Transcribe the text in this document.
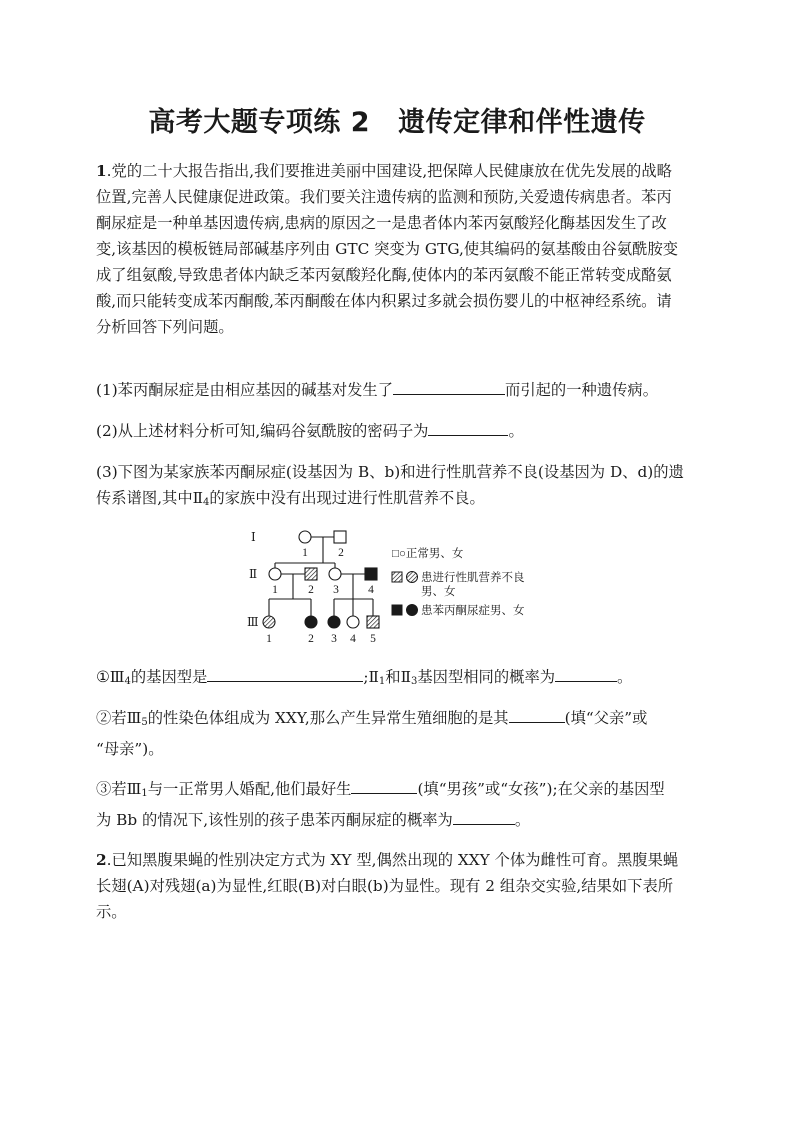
高考大题专项练 2 遗传定律和伴性遗传
1.党的二十大报告指出,我们要推进美丽中国建设,把保障人民健康放在优先发展的战略
位置,完善人民健康促进政策。我们要关注遗传病的监测和预防,关爱遗传病患者。苯丙
酮尿症是一种单基因遗传病,患病的原因之一是患者体内苯丙氨酸羟化酶基因发生了改
变,该基因的模板链局部碱基序列由 GTC 突变为 GTG,使其编码的氨基酸由谷氨酰胺变
成了组氨酸,导致患者体内缺乏苯丙氨酸羟化酶,使体内的苯丙氨酸不能正常转变成酪氨
酸,而只能转变成苯丙酮酸,苯丙酮酸在体内积累过多就会损伤婴儿的中枢神经系统。请
分析回答下列问题。
(1)苯丙酮尿症是由相应基因的碱基对发生了	而引起的一种遗传病。
(2)从上述材料分析可知,编码谷氨酰胺的密码子为	。
(3)下图为某家族苯丙酮尿症(设基因为 B、b)和进行性肌营养不良(设基因为 D、d)的遗
传系谱图,其中$Ⅱ_4$的家族中没有出现过进行性肌营养不良。
Ⅰ
Ⅱ
Ⅲ
1	2
1	2 3	4
1	2 3 4 5
□○正常男、女
患进行性肌营养不良
男、女
患苯丙酮尿症男、女
$①Ⅲ_4$的基因型是	$;Ⅱ_1$和$Ⅱ_3$基因型相同的概率为	。
②若$Ⅲ_5$的性染色体组成为 XXY,那么产生异常生殖细胞的是其	(填“父亲”或
“母亲”)。
③若$Ⅲ_1$与一正常男人婚配,他们最好生	(填“男孩”或“女孩”);在父亲的基因型
为 Bb 的情况下,该性别的孩子患苯丙酮尿症的概率为	。
2.已知黑腹果蝇的性别决定方式为 XY 型,偶然出现的 XXY 个体为雌性可育。黑腹果蝇
长翅(A)对残翅(a)为显性,红眼(B)对白眼(b)为显性。现有 2 组杂交实验,结果如下表所
示。
